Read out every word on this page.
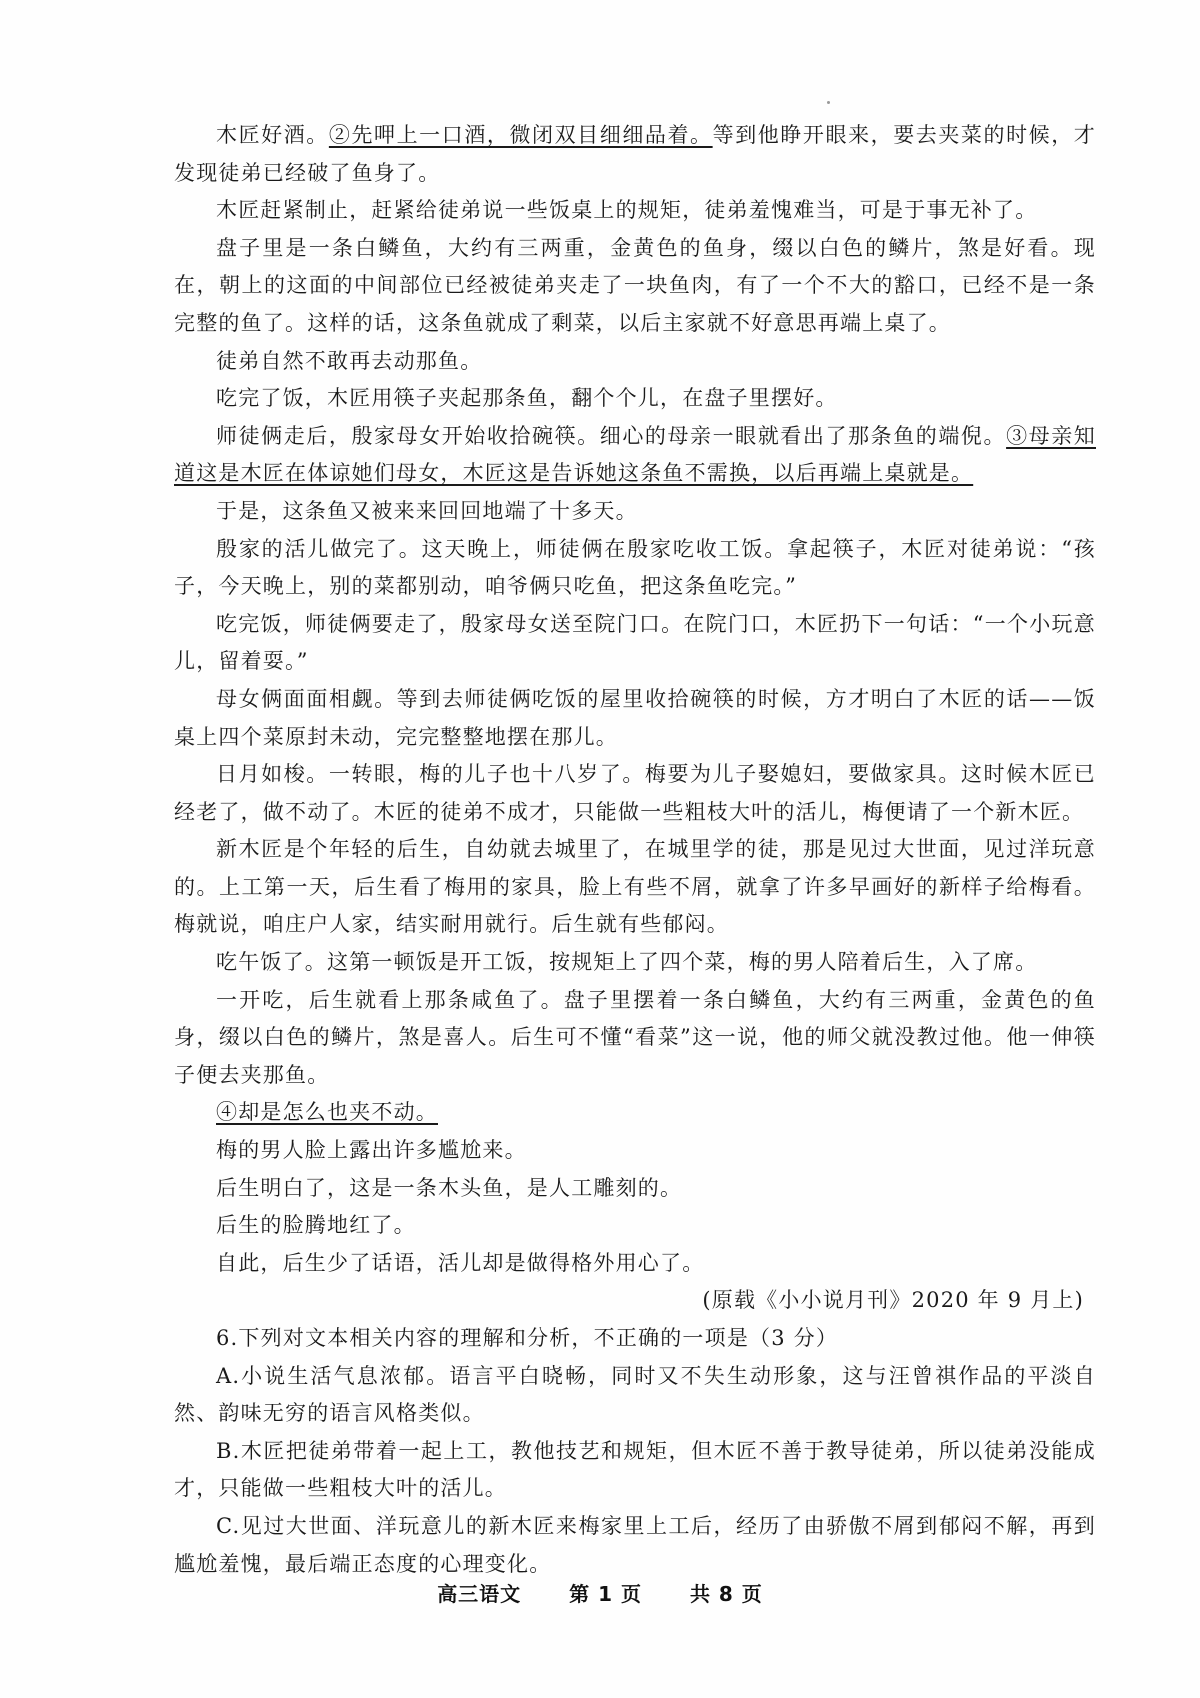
木匠好酒。②先呷上一口酒，微闭双目细细品着。等到他睁开眼来，要去夹菜的时候，才发现徒弟已经破了鱼身了。

木匠赶紧制止，赶紧给徒弟说一些饭桌上的规矩，徒弟羞愧难当，可是于事无补了。

盘子里是一条白鳞鱼，大约有三两重，金黄色的鱼身，缀以白色的鳞片，煞是好看。现在，朝上的这面的中间部位已经被徒弟夹走了一块鱼肉，有了一个不大的豁口，已经不是一条完整的鱼了。这样的话，这条鱼就成了剩菜，以后主家就不好意思再端上桌了。

徒弟自然不敢再去动那鱼。

吃完了饭，木匠用筷子夹起那条鱼，翻个个儿，在盘子里摆好。

师徒俩走后，殷家母女开始收拾碗筷。细心的母亲一眼就看出了那条鱼的端倪。③母亲知道这是木匠在体谅她们母女，木匠这是告诉她这条鱼不需换，以后再端上桌就是。

于是，这条鱼又被来来回回地端了十多天。

殷家的活儿做完了。这天晚上，师徒俩在殷家吃收工饭。拿起筷子，木匠对徒弟说：“孩子，今天晚上，别的菜都别动，咱爷俩只吃鱼，把这条鱼吃完。”

吃完饭，师徒俩要走了，殷家母女送至院门口。在院门口，木匠扔下一句话：“一个小玩意儿，留着耍。”

母女俩面面相觑。等到去师徒俩吃饭的屋里收拾碗筷的时候，方才明白了木匠的话——饭桌上四个菜原封未动，完完整整地摆在那儿。

日月如梭。一转眼，梅的儿子也十八岁了。梅要为儿子娶媳妇，要做家具。这时候木匠已经老了，做不动了。木匠的徒弟不成才，只能做一些粗枝大叶的活儿，梅便请了一个新木匠。

新木匠是个年轻的后生，自幼就去城里了，在城里学的徒，那是见过大世面，见过洋玩意的。上工第一天，后生看了梅用的家具，脸上有些不屑，就拿了许多早画好的新样子给梅看。梅就说，咱庄户人家，结实耐用就行。后生就有些郁闷。

吃午饭了。这第一顿饭是开工饭，按规矩上了四个菜，梅的男人陪着后生，入了席。

一开吃，后生就看上那条咸鱼了。盘子里摆着一条白鳞鱼，大约有三两重，金黄色的鱼身，缀以白色的鳞片，煞是喜人。后生可不懂“看菜”这一说，他的师父就没教过他。他一伸筷子便去夹那鱼。

④却是怎么也夹不动。

梅的男人脸上露出许多尴尬来。

后生明白了，这是一条木头鱼，是人工雕刻的。

后生的脸腾地红了。

自此，后生少了话语，活儿却是做得格外用心了。

(原载《小小说月刊》2020 年 9 月上)

6.下列对文本相关内容的理解和分析，不正确的一项是（3 分）

A.小说生活气息浓郁。语言平白晓畅，同时又不失生动形象，这与汪曾祺作品的平淡自然、韵味无穷的语言风格类似。

B.木匠把徒弟带着一起上工，教他技艺和规矩，但木匠不善于教导徒弟，所以徒弟没能成才，只能做一些粗枝大叶的活儿。

C.见过大世面、洋玩意儿的新木匠来梅家里上工后，经历了由骄傲不屑到郁闷不解，再到尴尬羞愧，最后端正态度的心理变化。

高三语文 第 1 页 共 8 页
